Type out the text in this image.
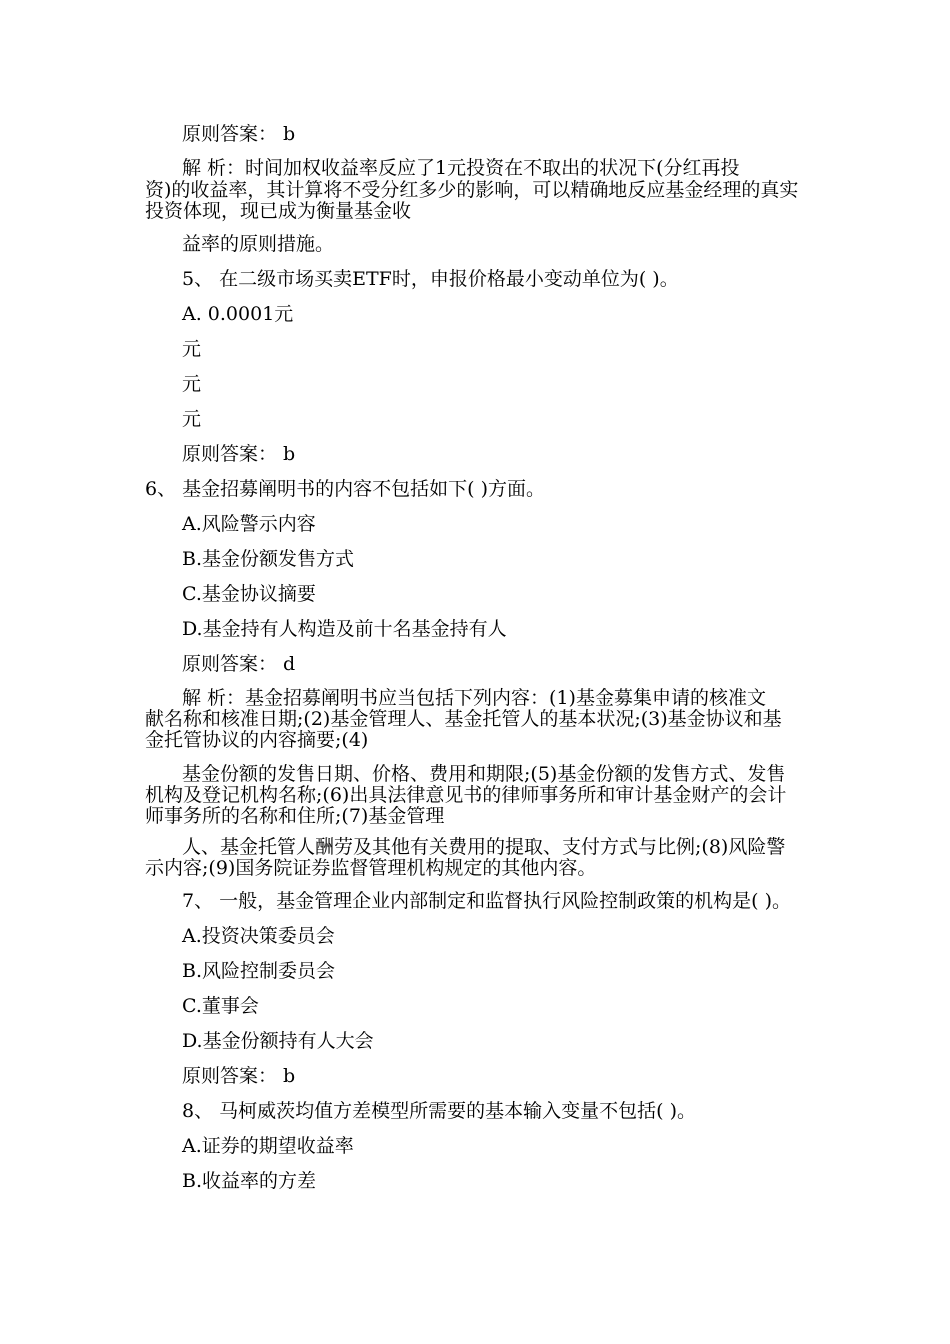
原则答案： b
解 析：时间加权收益率反应了1元投资在不取出的状况下(分红再投
资)的收益率，其计算将不受分红多少的影响，可以精确地反应基金经理的真实
投资体现，现已成为衡量基金收
益率的原则措施。
5、 在二级市场买卖ETF时，申报价格最小变动单位为( )。
A. 0.0001元
元
元
元
原则答案： b
6、 基金招募阐明书的内容不包括如下( )方面。
A.风险警示内容
B.基金份额发售方式
C.基金协议摘要
D.基金持有人构造及前十名基金持有人
原则答案： d
解 析：基金招募阐明书应当包括下列内容：(1)基金募集申请的核准文
献名称和核准日期;(2)基金管理人、基金托管人的基本状况;(3)基金协议和基
金托管协议的内容摘要;(4)
基金份额的发售日期、价格、费用和期限;(5)基金份额的发售方式、发售
机构及登记机构名称;(6)出具法律意见书的律师事务所和审计基金财产的会计
师事务所的名称和住所;(7)基金管理
人、基金托管人酬劳及其他有关费用的提取、支付方式与比例;(8)风险警
示内容;(9)国务院证券监督管理机构规定的其他内容。
7、 一般，基金管理企业内部制定和监督执行风险控制政策的机构是( )。
A.投资决策委员会
B.风险控制委员会
C.董事会
D.基金份额持有人大会
原则答案： b
8、 马柯威茨均值方差模型所需要的基本输入变量不包括( )。
A.证券的期望收益率
B.收益率的方差
